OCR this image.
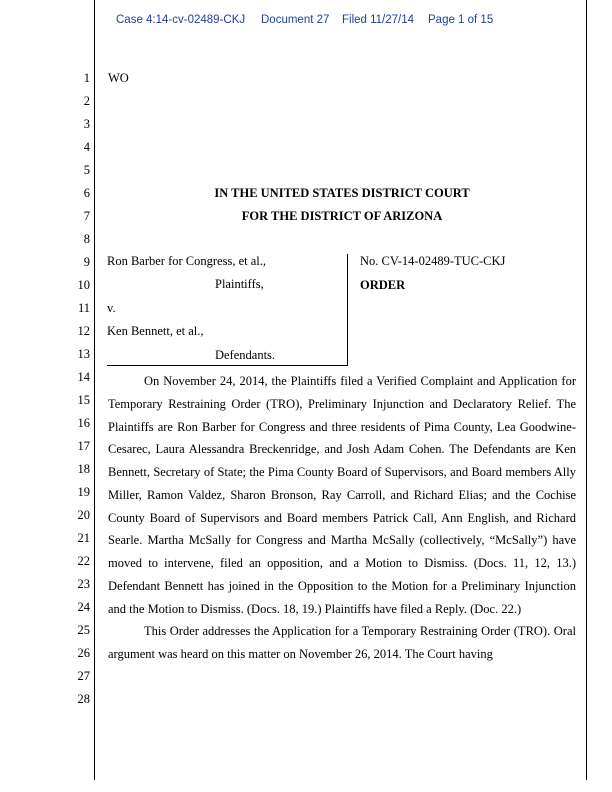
Case 4:14-cv-02489-CKJ Document 27 Filed 11/27/14 Page 1 of 15
1
2
3
4
5
6
7
8
9
10
11
12
13
14
15
16
17
18
19
20
21
22
23
24
25
26
27
28
WO
IN THE UNITED STATES DISTRICT COURT
FOR THE DISTRICT OF ARIZONA
Ron Barber for Congress, et al.,
Plaintiffs,
v.
Ken Bennett, et al.,
Defendants.
No. CV-14-02489-TUC-CKJ
ORDER

On November 24, 2014, the Plaintiffs filed a Verified Complaint and Application for Temporary Restraining Order (TRO), Preliminary Injunction and Declaratory Relief. The Plaintiffs are Ron Barber for Congress and three residents of Pima County, Lea Goodwine-Cesarec, Laura Alessandra Breckenridge, and Josh Adam Cohen. The Defendants are Ken Bennett, Secretary of State; the Pima County Board of Supervisors, and Board members Ally Miller, Ramon Valdez, Sharon Bronson, Ray Carroll, and Richard Elias; and the Cochise County Board of Supervisors and Board members Patrick Call, Ann English, and Richard Searle. Martha McSally for Congress and Martha McSally (collectively, “McSally”) have moved to intervene, filed an opposition, and a Motion to Dismiss. (Docs. 11, 12, 13.) Defendant Bennett has joined in the Opposition to the Motion for a Preliminary Injunction and the Motion to Dismiss. (Docs. 18, 19.) Plaintiffs have filed a Reply. (Doc. 22.)

This Order addresses the Application for a Temporary Restraining Order (TRO). Oral argument was heard on this matter on November 26, 2014. The Court having
